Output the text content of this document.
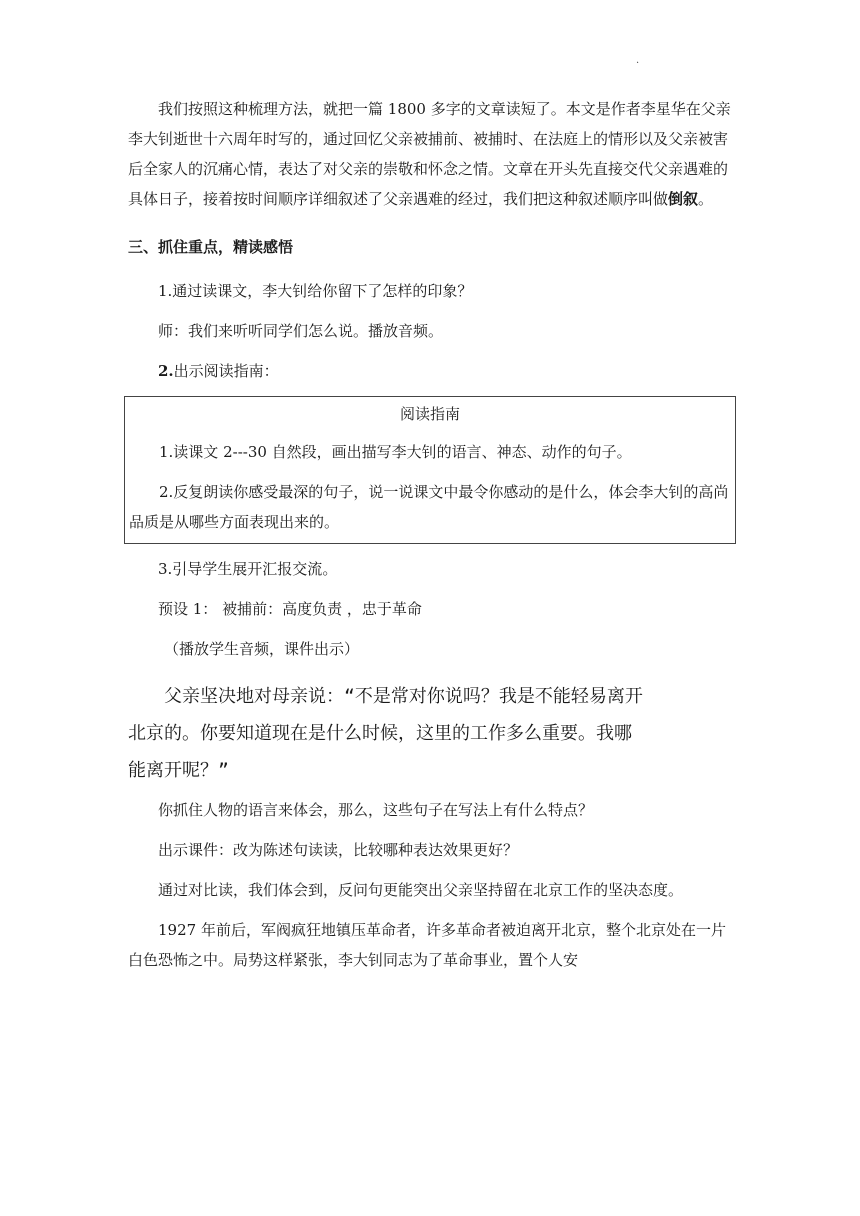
·

我们按照这种梳理方法，就把一篇 1800 多字的文章读短了。本文是作者李星华在父亲李大钊逝世十六周年时写的，通过回忆父亲被捕前、被捕时、在法庭上的情形以及父亲被害后全家人的沉痛心情，表达了对父亲的崇敬和怀念之情。文章在开头先直接交代父亲遇难的具体日子，接着按时间顺序详细叙述了父亲遇难的经过，我们把这种叙述顺序叫做倒叙。

三、抓住重点，精读感悟

1.通过读课文，李大钊给你留下了怎样的印象？

师：我们来听听同学们怎么说。播放音频。

2.出示阅读指南：

阅读指南

1.读课文 2---30 自然段，画出描写李大钊的语言、神态、动作的句子。

2.反复朗读你感受最深的句子，说一说课文中最令你感动的是什么，体会李大钊的高尚品质是从哪些方面表现出来的。

3.引导学生展开汇报交流。

预设 1： 被捕前：高度负责 ，忠于革命

（播放学生音频，课件出示）

父亲坚决地对母亲说：“不是常对你说吗？我是不能轻易离开

北京的。你要知道现在是什么时候，这里的工作多么重要。我哪

能离开呢？”

你抓住人物的语言来体会，那么，这些句子在写法上有什么特点？

出示课件：改为陈述句读读，比较哪种表达效果更好？

通过对比读，我们体会到，反问句更能突出父亲坚持留在北京工作的坚决态度。

1927 年前后，军阀疯狂地镇压革命者，许多革命者被迫离开北京，整个北京处在一片白色恐怖之中。局势这样紧张，李大钊同志为了革命事业，置个人安
